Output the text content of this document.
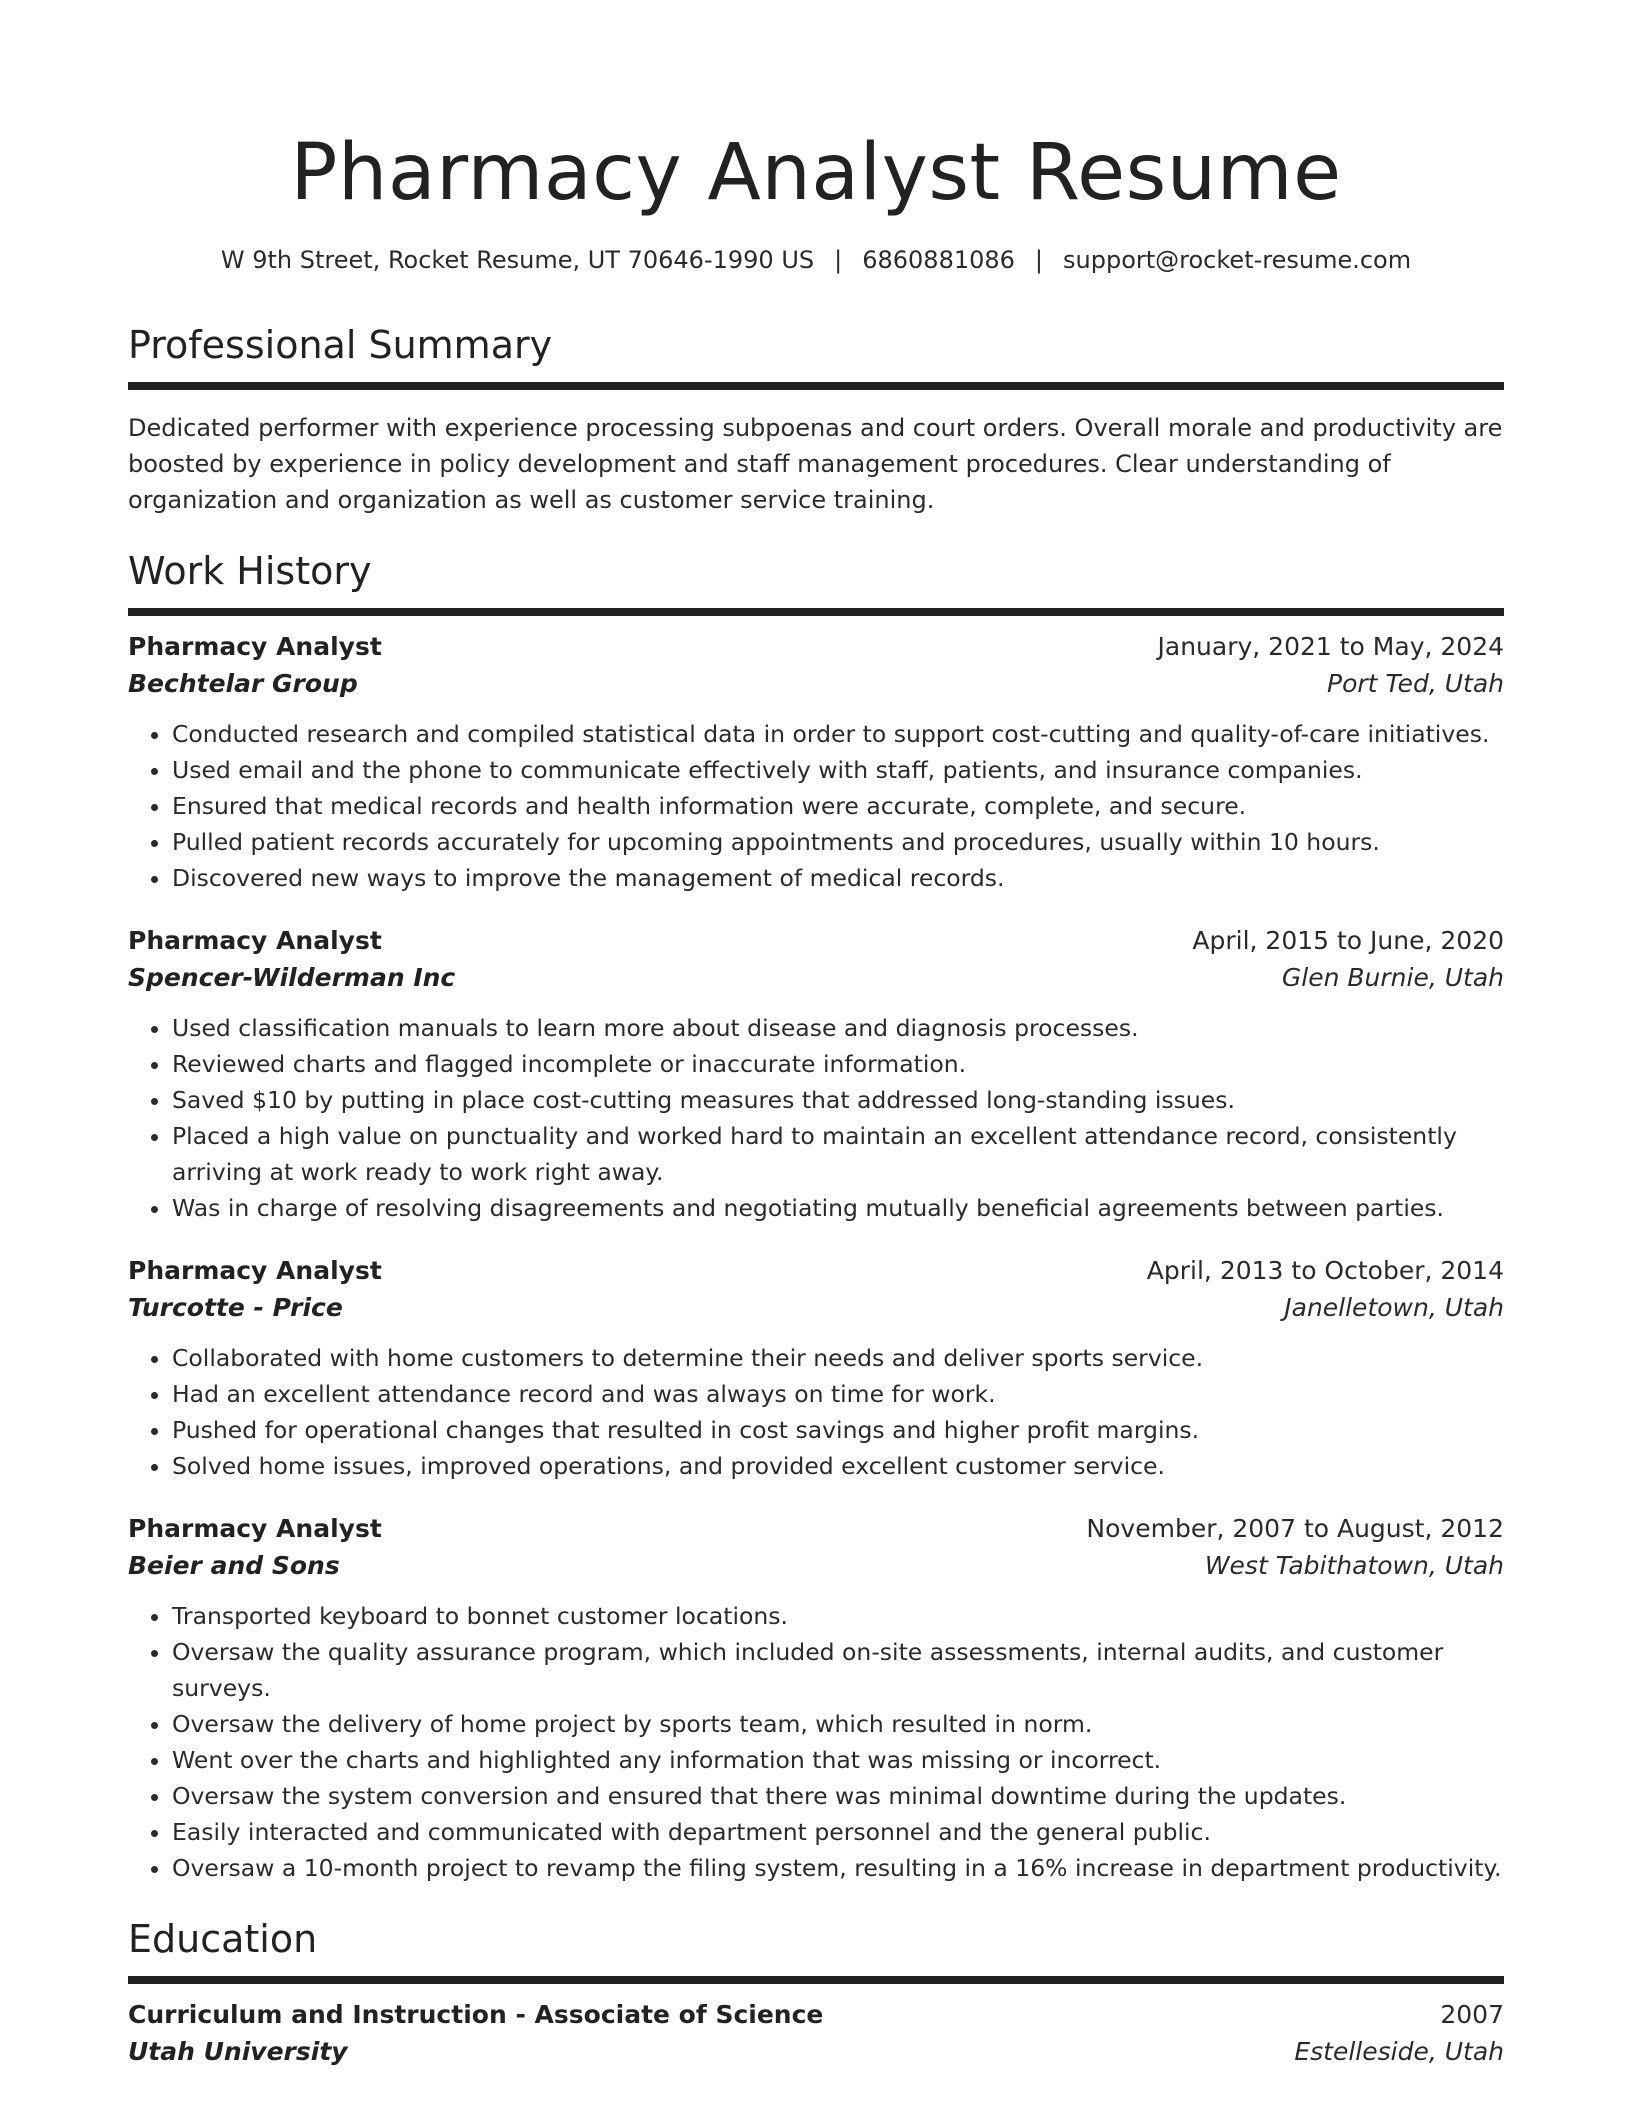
Pharmacy Analyst Resume
W 9th Street, Rocket Resume, UT 70646-1990 US | 6860881086 | support@rocket-resume.com
Professional Summary
Dedicated performer with experience processing subpoenas and court orders. Overall morale and productivity are boosted by experience in policy development and staff management procedures. Clear understanding of organization and organization as well as customer service training.
Work History
Pharmacy Analyst	January, 2021 to May, 2024
Bechtelar Group	Port Ted, Utah
• Conducted research and compiled statistical data in order to support cost-cutting and quality-of-care initiatives.
• Used email and the phone to communicate effectively with staff, patients, and insurance companies.
• Ensured that medical records and health information were accurate, complete, and secure.
• Pulled patient records accurately for upcoming appointments and procedures, usually within 10 hours.
• Discovered new ways to improve the management of medical records.
Pharmacy Analyst	April, 2015 to June, 2020
Spencer-Wilderman Inc	Glen Burnie, Utah
• Used classification manuals to learn more about disease and diagnosis processes.
• Reviewed charts and flagged incomplete or inaccurate information.
• Saved $10 by putting in place cost-cutting measures that addressed long-standing issues.
• Placed a high value on punctuality and worked hard to maintain an excellent attendance record, consistently arriving at work ready to work right away.
• Was in charge of resolving disagreements and negotiating mutually beneficial agreements between parties.
Pharmacy Analyst	April, 2013 to October, 2014
Turcotte - Price	Janelletown, Utah
• Collaborated with home customers to determine their needs and deliver sports service.
• Had an excellent attendance record and was always on time for work.
• Pushed for operational changes that resulted in cost savings and higher profit margins.
• Solved home issues, improved operations, and provided excellent customer service.
Pharmacy Analyst	November, 2007 to August, 2012
Beier and Sons	West Tabithatown, Utah
• Transported keyboard to bonnet customer locations.
• Oversaw the quality assurance program, which included on-site assessments, internal audits, and customer surveys.
• Oversaw the delivery of home project by sports team, which resulted in norm.
• Went over the charts and highlighted any information that was missing or incorrect.
• Oversaw the system conversion and ensured that there was minimal downtime during the updates.
• Easily interacted and communicated with department personnel and the general public.
• Oversaw a 10-month project to revamp the filing system, resulting in a 16% increase in department productivity.
Education
Curriculum and Instruction - Associate of Science	2007
Utah University	Estelleside, Utah
